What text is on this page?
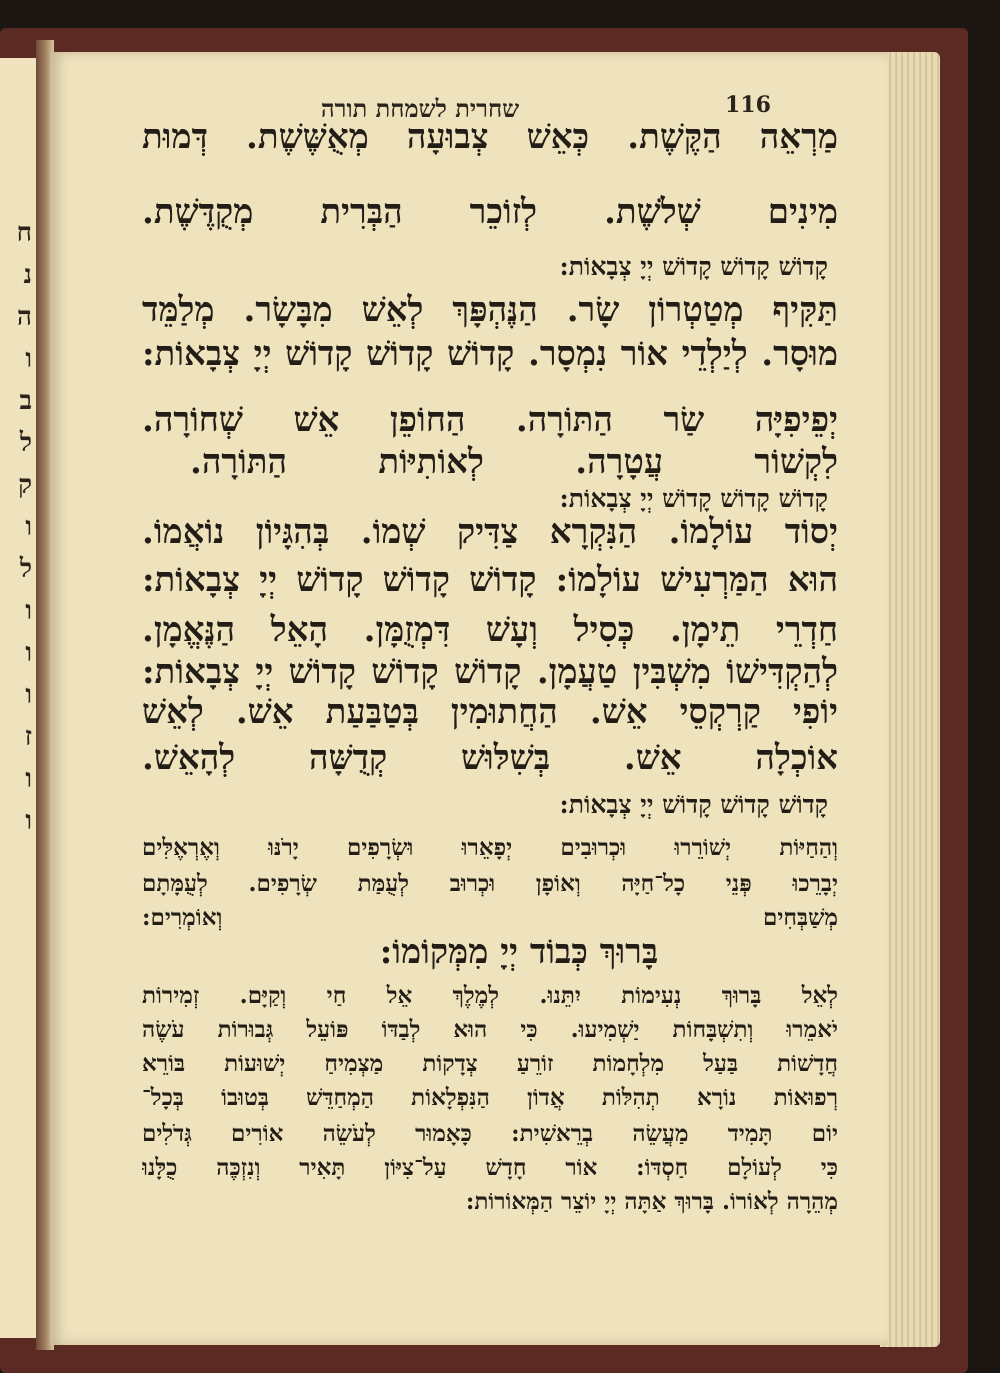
ח
נ
ה
ו
ב
ל
ק
ו
ל
ו
ו
ו
ז
ו
ו
שחרית לשמחת תורה	116
מַרְאֵה הַקֶּשֶׁת. כְּאֵשׁ צְבוּעָה מְאֻשֶּׁשֶׁת. דְּמוּת
מִינִים שְׁלֹשֶׁת. לְזוֹכֵר הַבְּרִית מְקֻדֶּשֶׁת.
קָדוֹשׁ קָדוֹשׁ קָדוֹשׁ יְיָ צְבָאוֹת:
תַּקִּיף מְטַטְרוֹן שָׂר. הַנֶּהְפָּךְ לְאֵשׁ מִבָּשָׂר. מְלַמֵּד
מוּסָר. לְיַלְדֵי אוֹר נִמְסָר. קָדוֹשׁ קָדוֹשׁ קָדוֹשׁ יְיָ צְבָאוֹת:
יְפֵיפִיָּה שַׂר הַתּוֹרָה. הַחוֹפֵן אֵשׁ שְׁחוֹרָה.
לִקְשׁוֹר עֲטָרָה. לְאוֹתִיּוֹת הַתּוֹרָה.
קָדוֹשׁ קָדוֹשׁ קָדוֹשׁ יְיָ צְבָאוֹת:
יְסוֹד עוֹלָמוֹ. הַנִּקְרָא צַדִּיק שְׁמוֹ. בְּהִגָּיוֹן נוֹאֲמוֹ.
הוּא הַמַּרְעִישׁ עוֹלָמוֹ: קָדוֹשׁ קָדוֹשׁ קָדוֹשׁ יְיָ צְבָאוֹת:
חַדְרֵי תֵימָן. כְּסִיל וְעָשׁ דִּמְזֻמָּן. הָאֵל הַנֶּאֱמָן.
לְהַקְדִּישׁוֹ מִשְׁבִּין טַעֲמָן. קָדוֹשׁ קָדוֹשׁ קָדוֹשׁ יְיָ צְבָאוֹת:
יוֹפִי קַרְקְסֵי אֵשׁ. הַחֲתוּמִין בְּטַבַּעַת אֵשׁ. לְאֵשׁ
אוֹכְלָה אֵשׁ. בְּשִׁלּוּשׁ קְדֻשָּׁה לְהָאֵשׁ.
קָדוֹשׁ קָדוֹשׁ קָדוֹשׁ יְיָ צְבָאוֹת:
וְהַחַיּוֹת יְשׁוֹרֵרוּ וּכְרוּבִים יְפָאֵרוּ וּשְׂרָפִים יָרֹנּוּ וְאֶרְאֶלִּים
יְבָרֵכוּ פְּנֵי כָל־חַיָּה וְאוֹפָן וּכְרוּב לְעֻמַּת שְׂרָפִים. לְעֻמָּתָם
מְשַׁבְּחִים וְאוֹמְרִים:
בָּרוּךְ כְּבוֹד יְיָ מִמְּקוֹמוֹ:
לְאֵל בָּרוּךְ נְעִימוֹת יִתֵּנוּ. לְמֶלֶךְ אֵל חַי וְקַיָּם. זְמִירוֹת
יֹאמֵרוּ וְתִשְׁבָּחוֹת יַשְׁמִיעוּ. כִּי הוּא לְבַדּוֹ פּוֹעֵל גְּבוּרוֹת עֹשֶׂה
חֲדָשׁוֹת בַּעַל מִלְחָמוֹת זוֹרֵעַ צְדָקוֹת מַצְמִיחַ יְשׁוּעוֹת בּוֹרֵא
רְפוּאוֹת נוֹרָא תְהִלּוֹת אֲדוֹן הַנִּפְלָאוֹת הַמְחַדֵּשׁ בְּטוּבוֹ בְּכָל־
יוֹם תָּמִיד מַעֲשֵׂה בְרֵאשִׁית: כָּאָמוּר לְעֹשֵׂה אוֹרִים גְּדֹלִים
כִּי לְעוֹלָם חַסְדּוֹ: אוֹר חָדָשׁ עַל־צִיּוֹן תָּאִיר וְנִזְכֶּה כֻלָּנוּ
מְהֵרָה לְאוֹרוֹ. בָּרוּךְ אַתָּה יְיָ יוֹצֵר הַמְּאוֹרוֹת:
